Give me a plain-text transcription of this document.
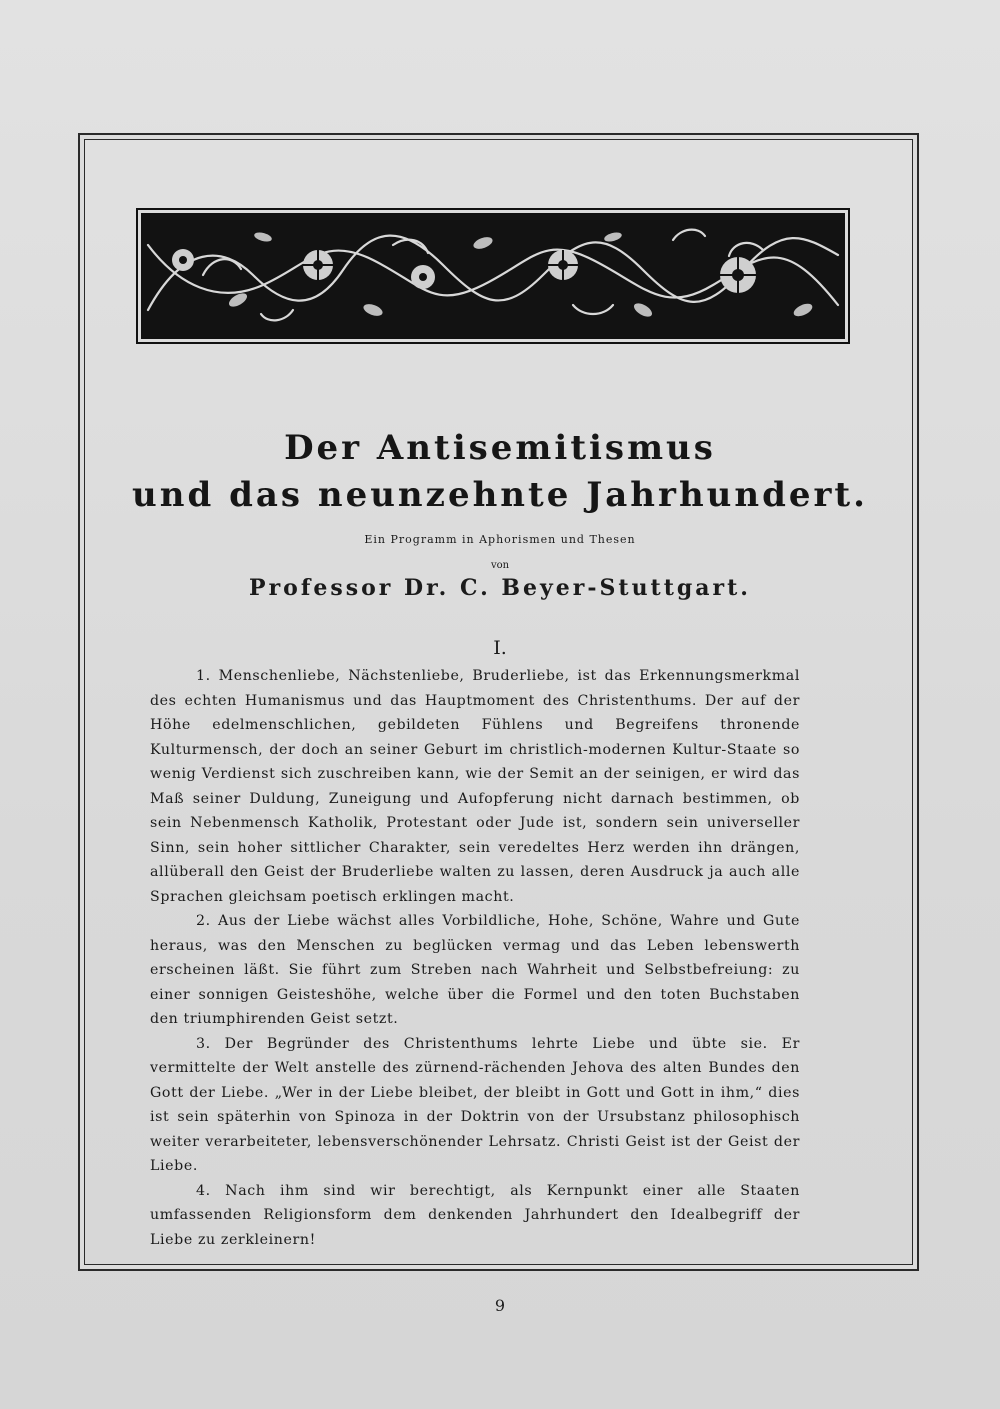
Der Antisemitismus
und das neunzehnte Jahrhundert.
Ein Programm in Aphorismen und Thesen
von
Professor Dr. C. Beyer-Stuttgart.
I.

1. Menschenliebe, Nächstenliebe, Bruderliebe, ist das Erkennungsmerkmal des echten Humanismus und das Hauptmoment des Christenthums. Der auf der Höhe edelmenschlichen, gebildeten Fühlens und Begreifens thronende Kulturmensch, der doch an seiner Geburt im christlich-modernen Kultur-Staate so wenig Verdienst sich zuschreiben kann, wie der Semit an der seinigen, er wird das Maß seiner Duldung, Zuneigung und Aufopferung nicht darnach bestimmen, ob sein Nebenmensch Katholik, Protestant oder Jude ist, sondern sein universeller Sinn, sein hoher sittlicher Charakter, sein veredeltes Herz werden ihn drängen, allüberall den Geist der Bruderliebe walten zu lassen, deren Ausdruck ja auch alle Sprachen gleichsam poetisch erklingen macht.

2. Aus der Liebe wächst alles Vorbildliche, Hohe, Schöne, Wahre und Gute heraus, was den Menschen zu beglücken vermag und das Leben lebenswerth erscheinen läßt. Sie führt zum Streben nach Wahrheit und Selbstbefreiung: zu einer sonnigen Geisteshöhe, welche über die Formel und den toten Buchstaben den triumphirenden Geist setzt.

3. Der Begründer des Christenthums lehrte Liebe und übte sie. Er vermittelte der Welt anstelle des zürnend-rächenden Jehova des alten Bundes den Gott der Liebe. „Wer in der Liebe bleibet, der bleibt in Gott und Gott in ihm,“ dies ist sein späterhin von Spinoza in der Doktrin von der Ursubstanz philosophisch weiter verarbeiteter, lebensverschönender Lehrsatz. Christi Geist ist der Geist der Liebe.

4. Nach ihm sind wir berechtigt, als Kernpunkt einer alle Staaten umfassenden Religionsform dem denkenden Jahrhundert den Idealbegriff der Liebe zu zerkleinern!

9
